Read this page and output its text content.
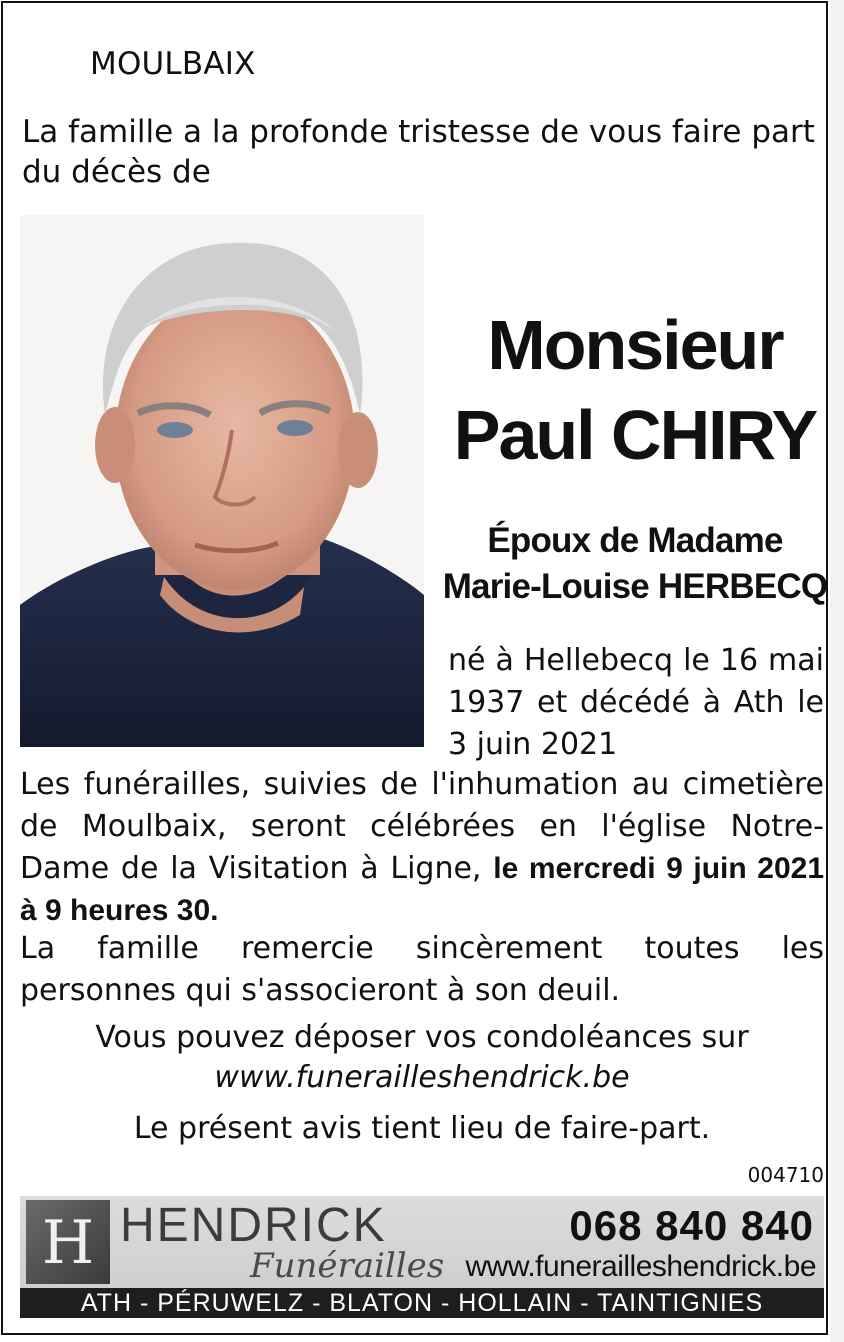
MOULBAIX

La famille a la profonde tristesse de vous faire part du décès de

Monsieur

Paul CHIRY

Époux de Madame
Marie-Louise HERBECQ

né à Hellebecq le 16 mai 1937 et décédé à Ath le 3 juin 2021

Les funérailles, suivies de l'inhumation au cimetière de Moulbaix, seront célébrées en l'église Notre-Dame de la Visitation à Ligne, le mercredi 9 juin 2021 à 9 heures 30.

La famille remercie sincèrement toutes les personnes qui s'associeront à son deuil.

Vous pouvez déposer vos condoléances sur

www.funerailleshendrick.be

Le présent avis tient lieu de faire-part.

004710

H HENDRICK
Funérailles
068 840 840
www.funerailleshendrick.be
ATH - PÉRUWELZ - BLATON - HOLLAIN - TAINTIGNIES
